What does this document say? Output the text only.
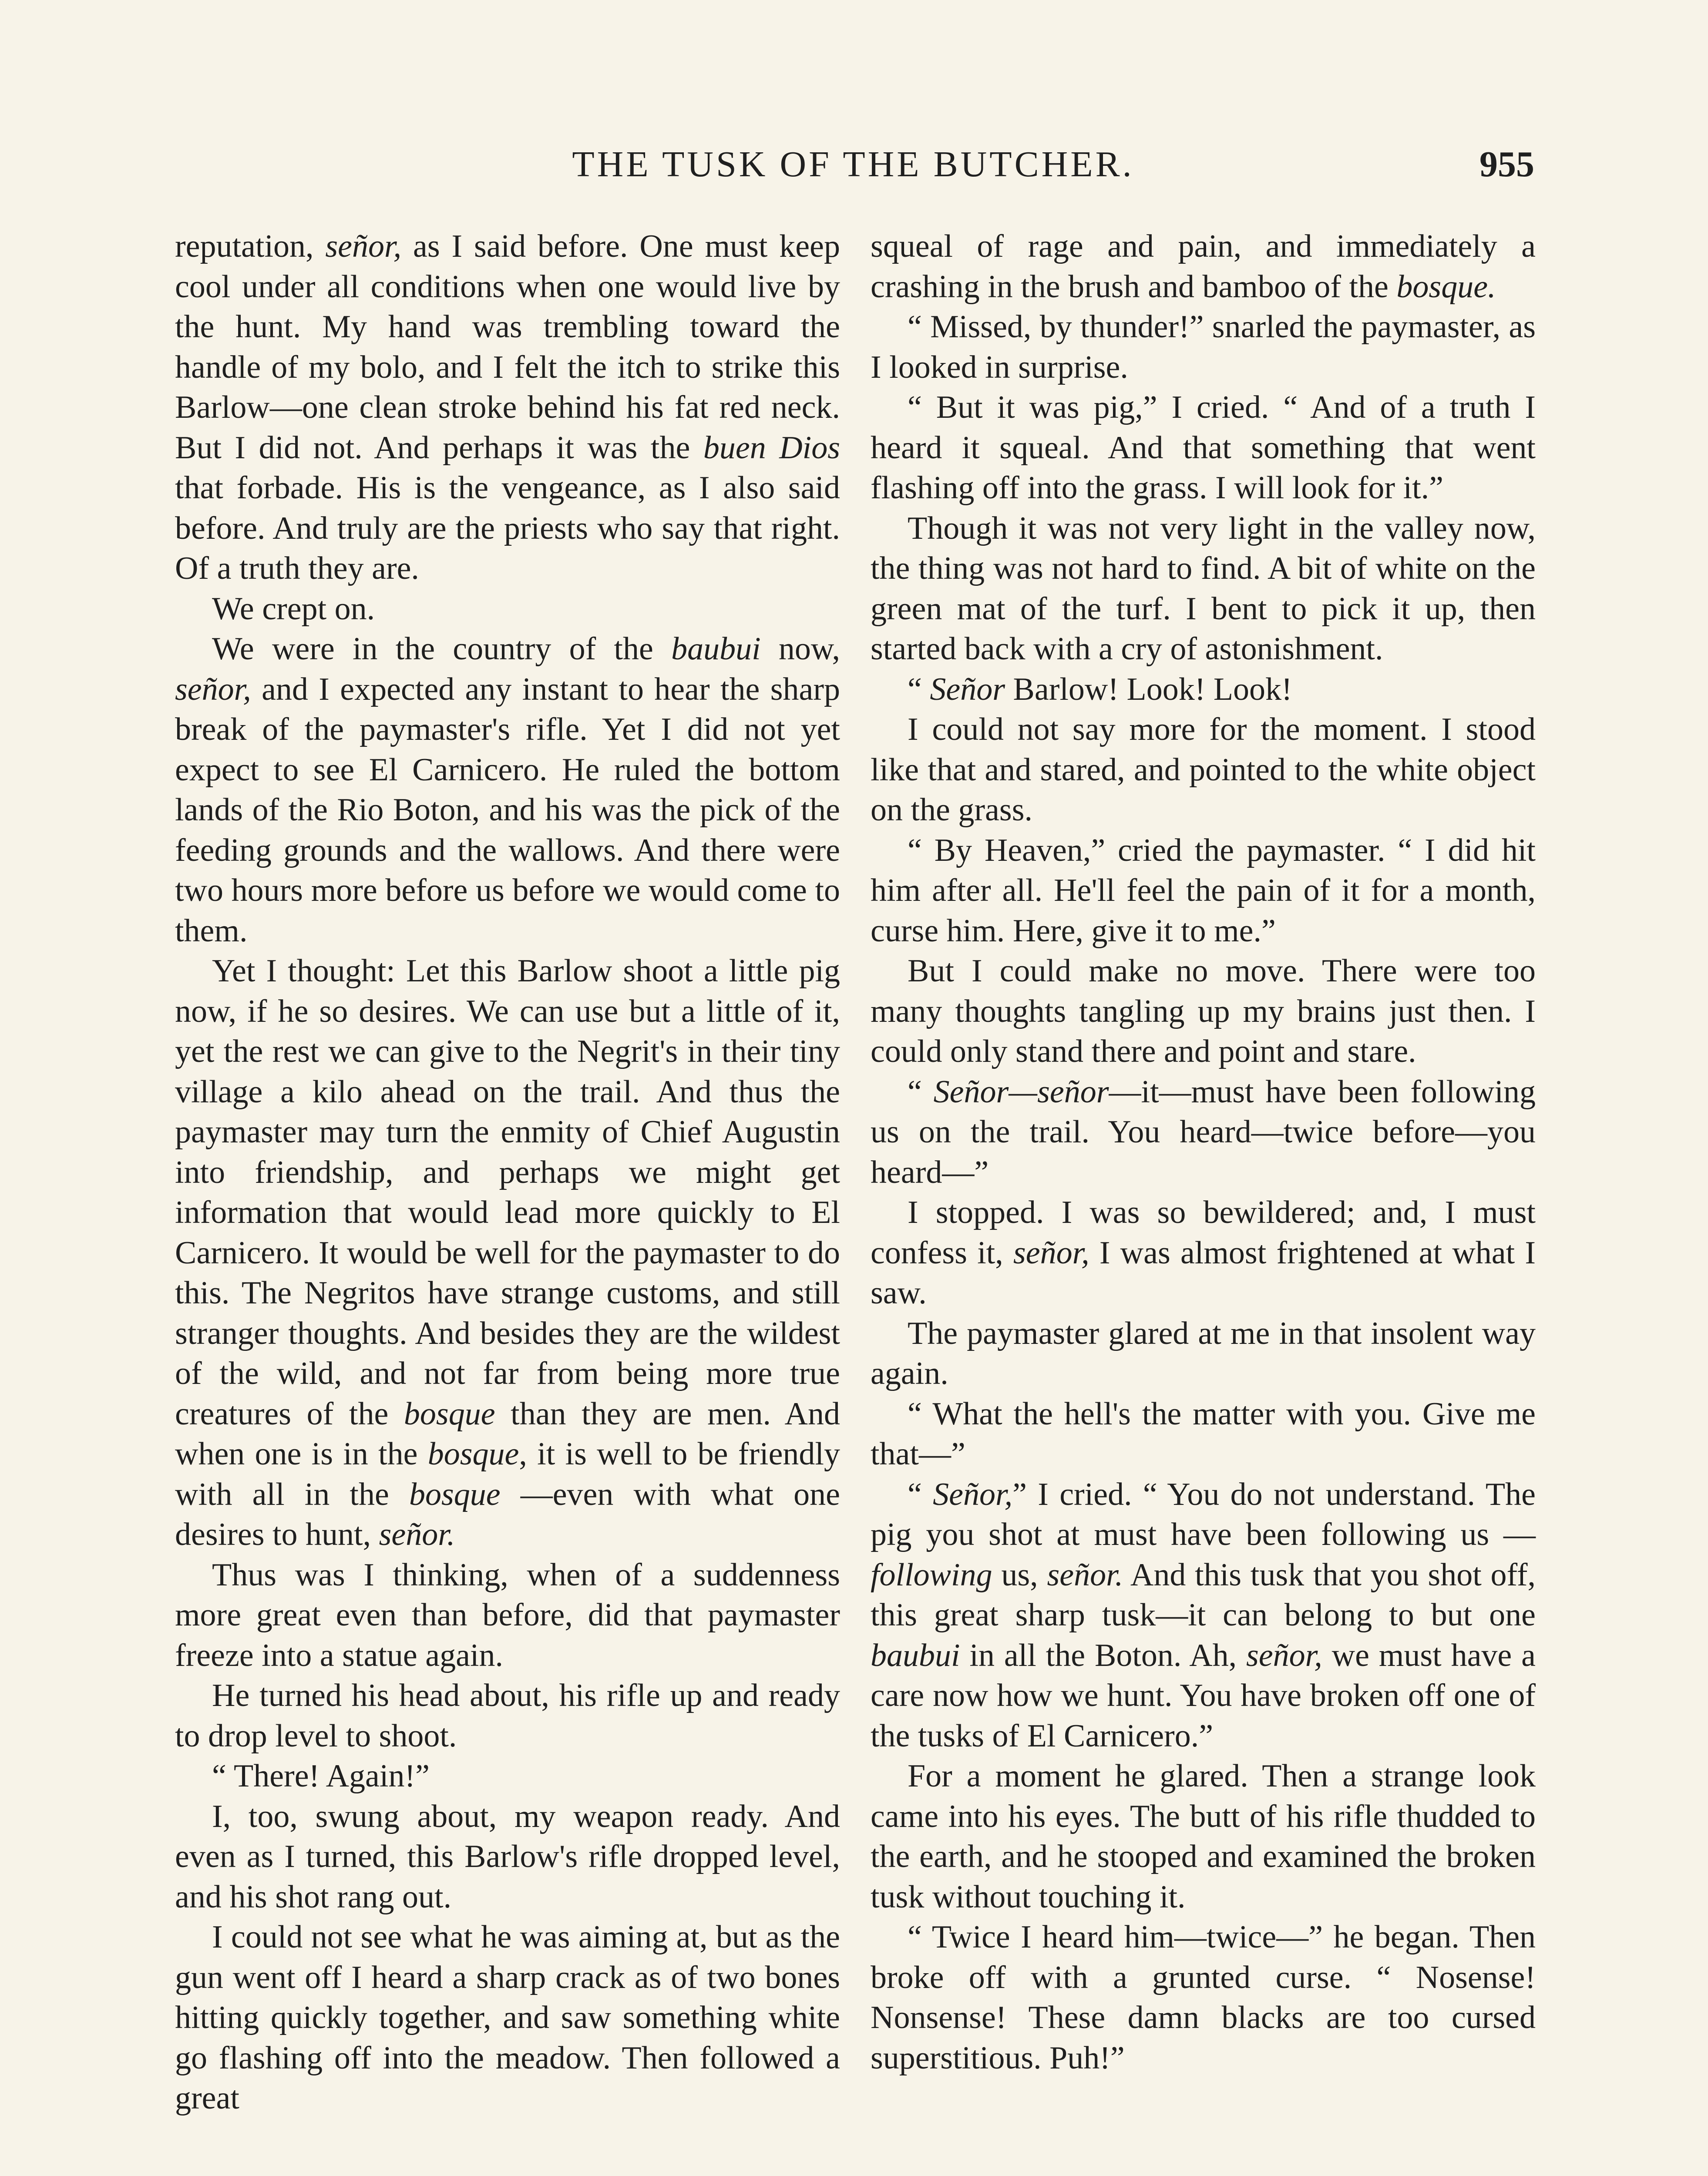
THE TUSK OF THE BUTCHER.	955

reputation, señor, as I said before. One must keep cool under all conditions when one would live by the hunt. My hand was trembling toward the handle of my bolo, and I felt the itch to strike this Barlow—one clean stroke behind his fat red neck. But I did not. And perhaps it was the buen Dios that forbade. His is the vengeance, as I also said before. And truly are the priests who say that right. Of a truth they are.

We crept on.

We were in the country of the baubui now, señor, and I expected any instant to hear the sharp break of the paymaster's rifle. Yet I did not yet expect to see El Carnicero. He ruled the bottom lands of the Rio Boton, and his was the pick of the feeding grounds and the wallows. And there were two hours more before us before we would come to them.

Yet I thought: Let this Barlow shoot a little pig now, if he so desires. We can use but a little of it, yet the rest we can give to the Negrit's in their tiny village a kilo ahead on the trail. And thus the paymaster may turn the enmity of Chief Augustin into friendship, and perhaps we might get information that would lead more quickly to El Carnicero. It would be well for the paymaster to do this. The Negritos have strange customs, and still stranger thoughts. And besides they are the wildest of the wild, and not far from being more true creatures of the bosque than they are men. And when one is in the bosque, it is well to be friendly with all in the bosque —even with what one desires to hunt, señor.

Thus was I thinking, when of a suddenness more great even than before, did that paymaster freeze into a statue again.

He turned his head about, his rifle up and ready to drop level to shoot.

“ There! Again!”

I, too, swung about, my weapon ready. And even as I turned, this Barlow's rifle dropped level, and his shot rang out.

I could not see what he was aiming at, but as the gun went off I heard a sharp crack as of two bones hitting quickly together, and saw something white go flashing off into the meadow. Then followed a great

squeal of rage and pain, and immediately a crashing in the brush and bamboo of the bosque.

“ Missed, by thunder!” snarled the paymaster, as I looked in surprise.

“ But it was pig,” I cried. “ And of a truth I heard it squeal. And that something that went flashing off into the grass. I will look for it.”

Though it was not very light in the valley now, the thing was not hard to find. A bit of white on the green mat of the turf. I bent to pick it up, then started back with a cry of astonishment.

“ Señor Barlow! Look! Look!

I could not say more for the moment. I stood like that and stared, and pointed to the white object on the grass.

“ By Heaven,” cried the paymaster. “ I did hit him after all. He'll feel the pain of it for a month, curse him. Here, give it to me.”

But I could make no move. There were too many thoughts tangling up my brains just then. I could only stand there and point and stare.

“ Señor—señor—it—must have been following us on the trail. You heard—twice before—you heard—”

I stopped. I was so bewildered; and, I must confess it, señor, I was almost frightened at what I saw.

The paymaster glared at me in that insolent way again.

“ What the hell's the matter with you. Give me that—”

“ Señor,” I cried. “ You do not understand. The pig you shot at must have been following us — following us, señor. And this tusk that you shot off, this great sharp tusk—it can belong to but one baubui in all the Boton. Ah, señor, we must have a care now how we hunt. You have broken off one of the tusks of El Carnicero.”

For a moment he glared. Then a strange look came into his eyes. The butt of his rifle thudded to the earth, and he stooped and examined the broken tusk without touching it.

“ Twice I heard him—twice—” he began. Then broke off with a grunted curse. “ Nosense! Nonsense! These damn blacks are too cursed superstitious. Puh!”
